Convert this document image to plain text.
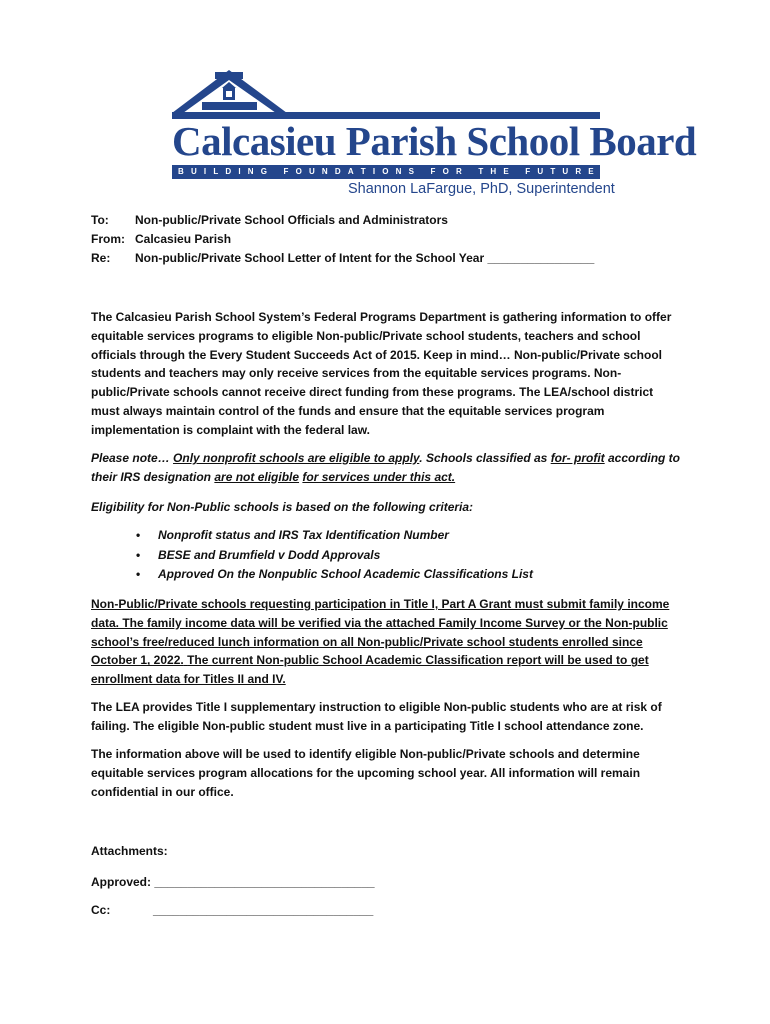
Calcasieu Parish School Board
B U I L D I N G
F O U N D A T I O N S
F O R
T H E
F U T U R E
Shannon LaFargue, PhD, Superintendent
To: Non-public/Private School Officials and Administrators
From: Calcasieu Parish
Re: Non-public/Private School Letter of Intent for the School Year ________________
The Calcasieu Parish School System’s Federal Programs Department is gathering information to offer equitable services programs to eligible Non-public/Private school students, teachers and school officials through the Every Student Succeeds Act of 2015. Keep in mind… Non-public/Private school students and teachers may only receive services from the equitable services programs. Non-public/Private schools cannot receive direct funding from these programs. The LEA/school district must always maintain control of the funds and ensure that the equitable services program implementation is complaint with the federal law.
Please note… Only nonprofit schools are eligible to apply. Schools classified as for- profit according to their IRS designation are not eligible for services under this act.
Eligibility for Non-Public schools is based on the following criteria:
• Nonprofit status and IRS Tax Identification Number
• BESE and Brumfield v Dodd Approvals
• Approved On the Nonpublic School Academic Classifications List
Non-Public/Private schools requesting participation in Title I, Part A Grant must submit family income data. The family income data will be verified via the attached Family Income Survey or the Non-public school’s free/reduced lunch information on all Non-public/Private school students enrolled since October 1, 2022. The current Non-public School Academic Classification report will be used to get enrollment data for Titles II and IV.
The LEA provides Title I supplementary instruction to eligible Non-public students who are at risk of failing. The eligible Non-public student must live in a participating Title I school attendance zone.
The information above will be used to identify eligible Non-public/Private schools and determine equitable services program allocations for the upcoming school year. All information will remain confidential in our office.
Attachments:
Approved: _________________________________
Cc:	_________________________________
